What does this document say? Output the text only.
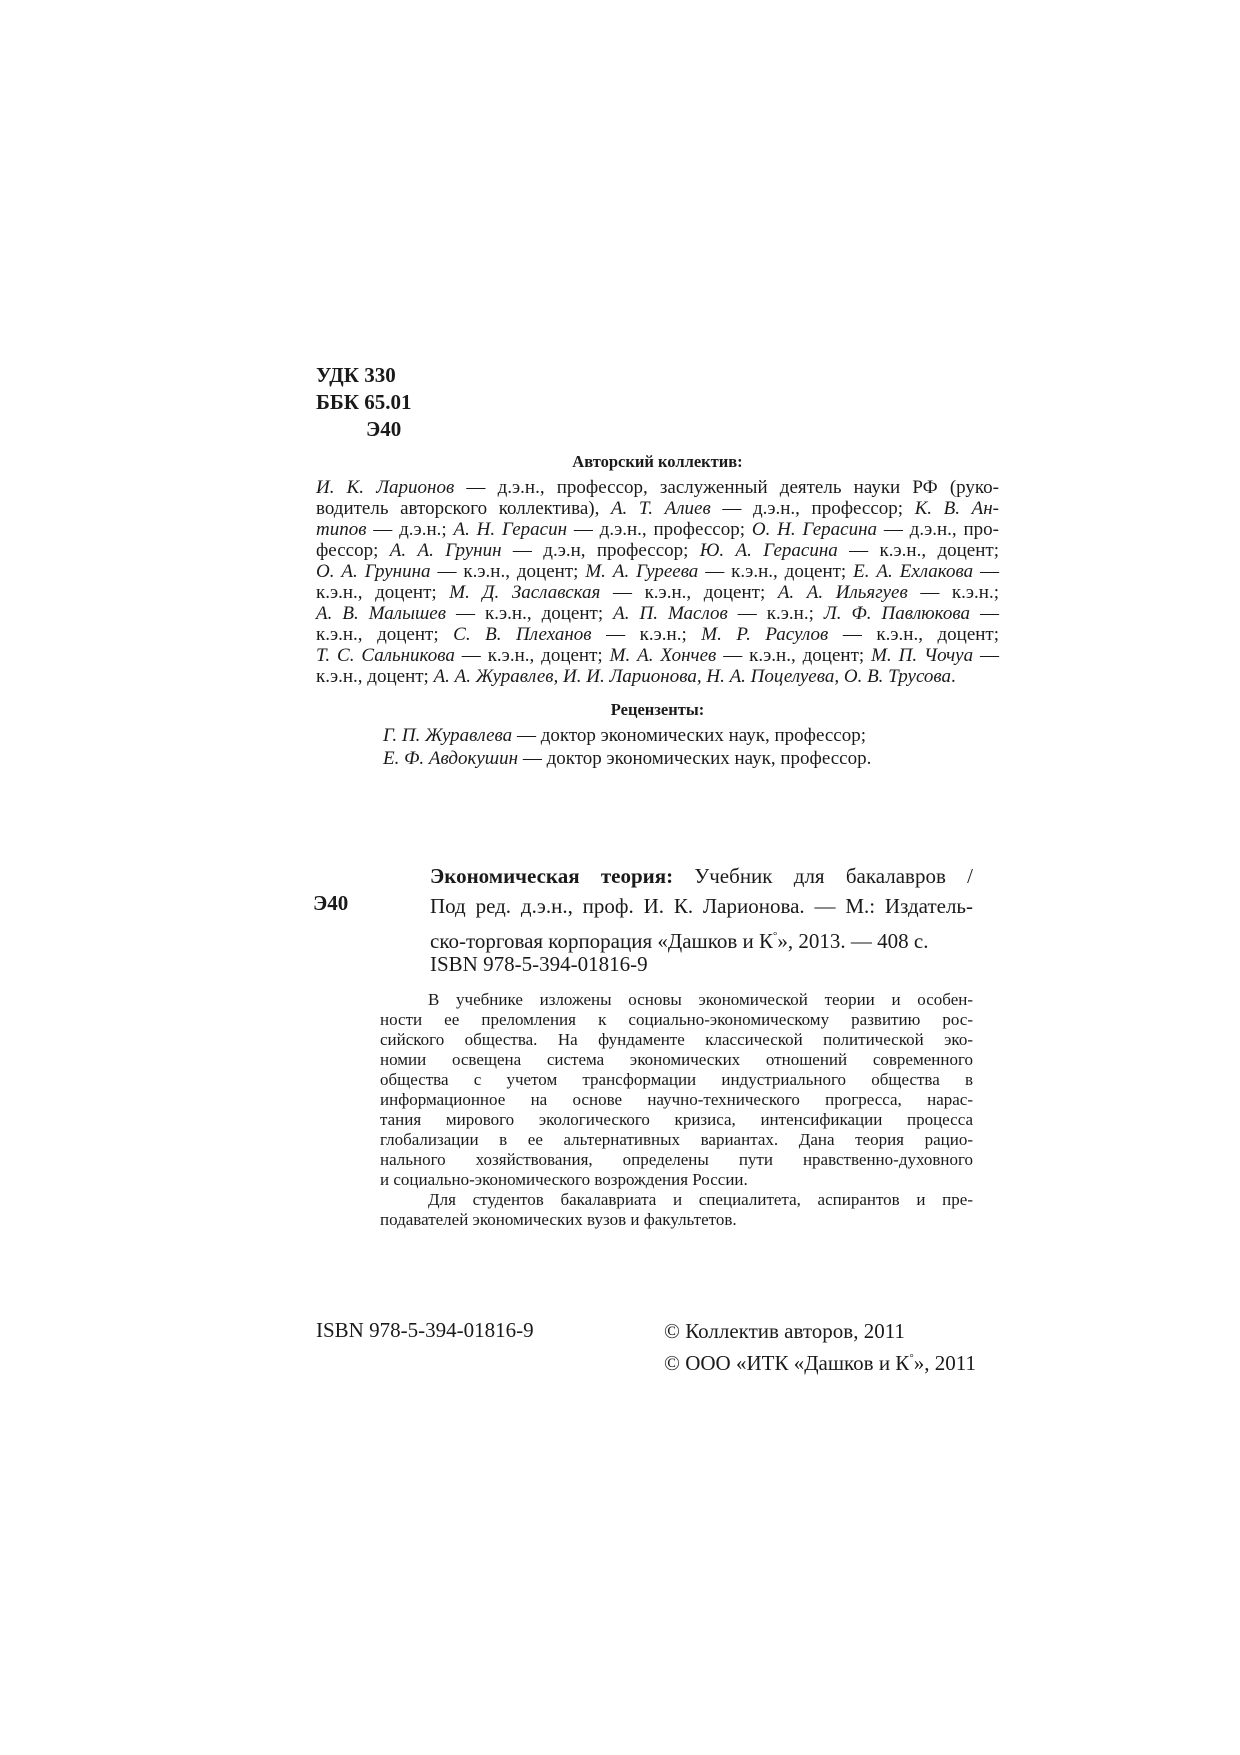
УДК 330
ББК 65.01
Э40
Авторский коллектив:
И. К. Ларионов — д.э.н., профессор, заслуженный деятель науки РФ (руко-
водитель авторского коллектива), А. Т. Алиев — д.э.н., профессор; К. В. Ан-
типов — д.э.н.; А. Н. Герасин — д.э.н., профессор; О. Н. Герасина — д.э.н., про-
фессор; А. А. Грунин — д.э.н, профессор; Ю. А. Герасина — к.э.н., доцент;
О. А. Грунина — к.э.н., доцент; М. А. Гуреева — к.э.н., доцент; Е. А. Ехлакова —
к.э.н., доцент; М. Д. Заславская — к.э.н., доцент; А. А. Ильягуев — к.э.н.;
А. В. Малышев — к.э.н., доцент; А. П. Маслов — к.э.н.; Л. Ф. Павлюкова —
к.э.н., доцент; С. В. Плеханов — к.э.н.; М. Р. Расулов — к.э.н., доцент;
Т. С. Сальникова — к.э.н., доцент; М. А. Хончев — к.э.н., доцент; М. П. Чочуа —
к.э.н., доцент; А. А. Журавлев, И. И. Ларионова, Н. А. Поцелуева, О. В. Трусова.
Рецензенты:
Г. П. Журавлева — доктор экономических наук, профессор;
Е. Ф. Авдокушин — доктор экономических наук, профессор.
Э40
Экономическая теория: Учебник для бакалавров /
Под ред. д.э.н., проф. И. К. Ларионова. — М.: Издатель-
ско-торговая корпорация «Дашков и К°», 2013. — 408 с.
ISBN 978-5-394-01816-9
В учебнике изложены основы экономической теории и особен-
ности ее преломления к социально-экономическому развитию рос-
сийского общества. На фундаменте классической политической эко-
номии освещена система экономических отношений современного
общества с учетом трансформации индустриального общества в
информационное на основе научно-технического прогресса, нарас-
тания мирового экологического кризиса, интенсификации процесса
глобализации в ее альтернативных вариантах. Дана теория рацио-
нального хозяйствования, определены пути нравственно-духовного
и социально-экономического возрождения России.
Для студентов бакалавриата и специалитета, аспирантов и пре-
подавателей экономических вузов и факультетов.
ISBN 978-5-394-01816-9	© Коллектив авторов, 2011
© ООО «ИТК «Дашков и К°», 2011
